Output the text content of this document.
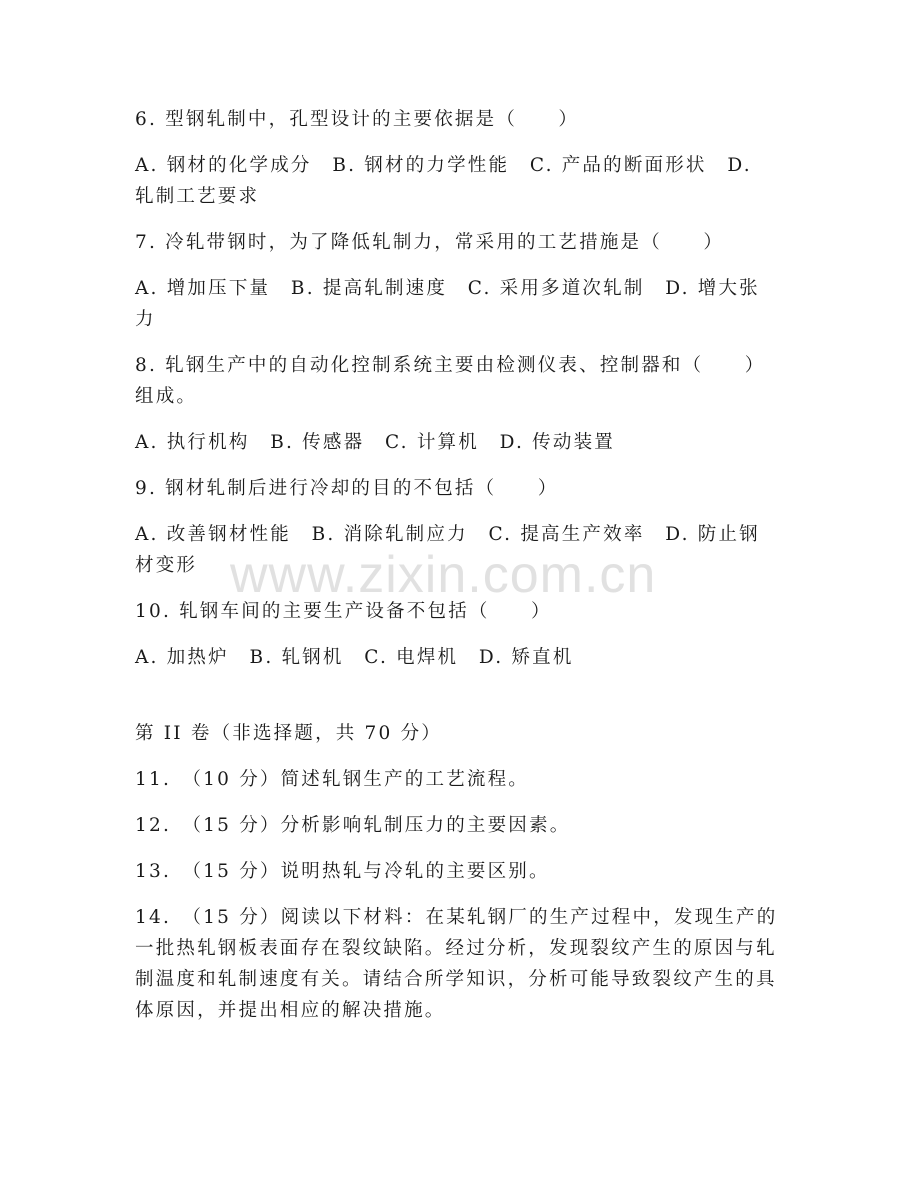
6. 型钢轧制中，孔型设计的主要依据是（　　）

A. 钢材的化学成分　B. 钢材的力学性能　C. 产品的断面形状　D. 轧制工艺要求

7. 冷轧带钢时，为了降低轧制力，常采用的工艺措施是（　　）

A. 增加压下量　B. 提高轧制速度　C. 采用多道次轧制　D. 增大张力

8. 轧钢生产中的自动化控制系统主要由检测仪表、控制器和（　　）组成。

A. 执行机构　B. 传感器　C. 计算机　D. 传动装置

9. 钢材轧制后进行冷却的目的不包括（　　）

A. 改善钢材性能　B. 消除轧制应力　C. 提高生产效率　D. 防止钢材变形

10. 轧钢车间的主要生产设备不包括（　　）

A. 加热炉　B. 轧钢机　C. 电焊机　D. 矫直机

第 II 卷（非选择题，共 70 分）

11.　（10 分）简述轧钢生产的工艺流程。

12.　（15 分）分析影响轧制压力的主要因素。

13.　（15 分）说明热轧与冷轧的主要区别。

14.　（15 分）阅读以下材料：在某轧钢厂的生产过程中，发现生产的一批热轧钢板表面存在裂纹缺陷。经过分析，发现裂纹产生的原因与轧制温度和轧制速度有关。请结合所学知识，分析可能导致裂纹产生的具体原因，并提出相应的解决措施。

www.zixin.com.cn
